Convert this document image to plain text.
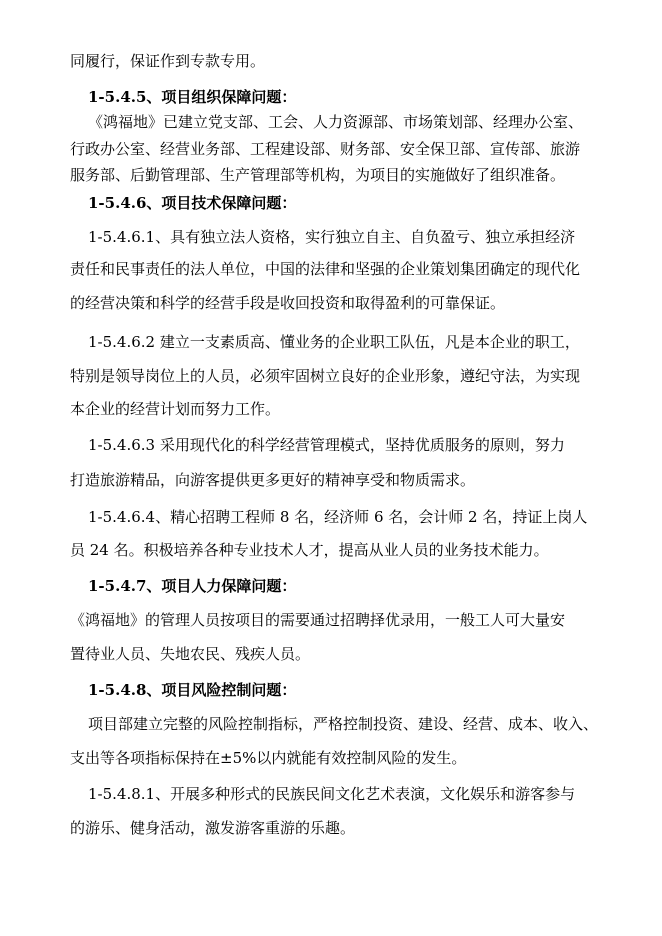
同履行，保证作到专款专用。

1-5.4.5、项目组织保障问题：

《鸿福地》已建立党支部、工会、人力资源部、市场策划部、经理办公室、

行政办公室、经营业务部、工程建设部、财务部、安全保卫部、宣传部、旅游

服务部、后勤管理部、生产管理部等机构，为项目的实施做好了组织准备。

1-5.4.6、项目技术保障问题：

1-5.4.6.1、具有独立法人资格，实行独立自主、自负盈亏、独立承担经济

责任和民事责任的法人单位，中国的法律和坚强的企业策划集团确定的现代化

的经营决策和科学的经营手段是收回投资和取得盈利的可靠保证。

1-5.4.6.2 建立一支素质高、懂业务的企业职工队伍，凡是本企业的职工，

特别是领导岗位上的人员，必须牢固树立良好的企业形象，遵纪守法，为实现

本企业的经营计划而努力工作。

1-5.4.6.3 采用现代化的科学经营管理模式，坚持优质服务的原则，努力

打造旅游精品，向游客提供更多更好的精神享受和物质需求。

1-5.4.6.4、精心招聘工程师 8 名，经济师 6 名，会计师 2 名，持证上岗人

员 24 名。积极培养各种专业技术人才，提高从业人员的业务技术能力。

1-5.4.7、项目人力保障问题：

《鸿福地》的管理人员按项目的需要通过招聘择优录用，一般工人可大量安

置待业人员、失地农民、残疾人员。

1-5.4.8、项目风险控制问题：

项目部建立完整的风险控制指标，严格控制投资、建设、经营、成本、收入、

支出等各项指标保持在±5%以内就能有效控制风险的发生。

1-5.4.8.1、开展多种形式的民族民间文化艺术表演，文化娱乐和游客参与

的游乐、健身活动，激发游客重游的乐趣。
